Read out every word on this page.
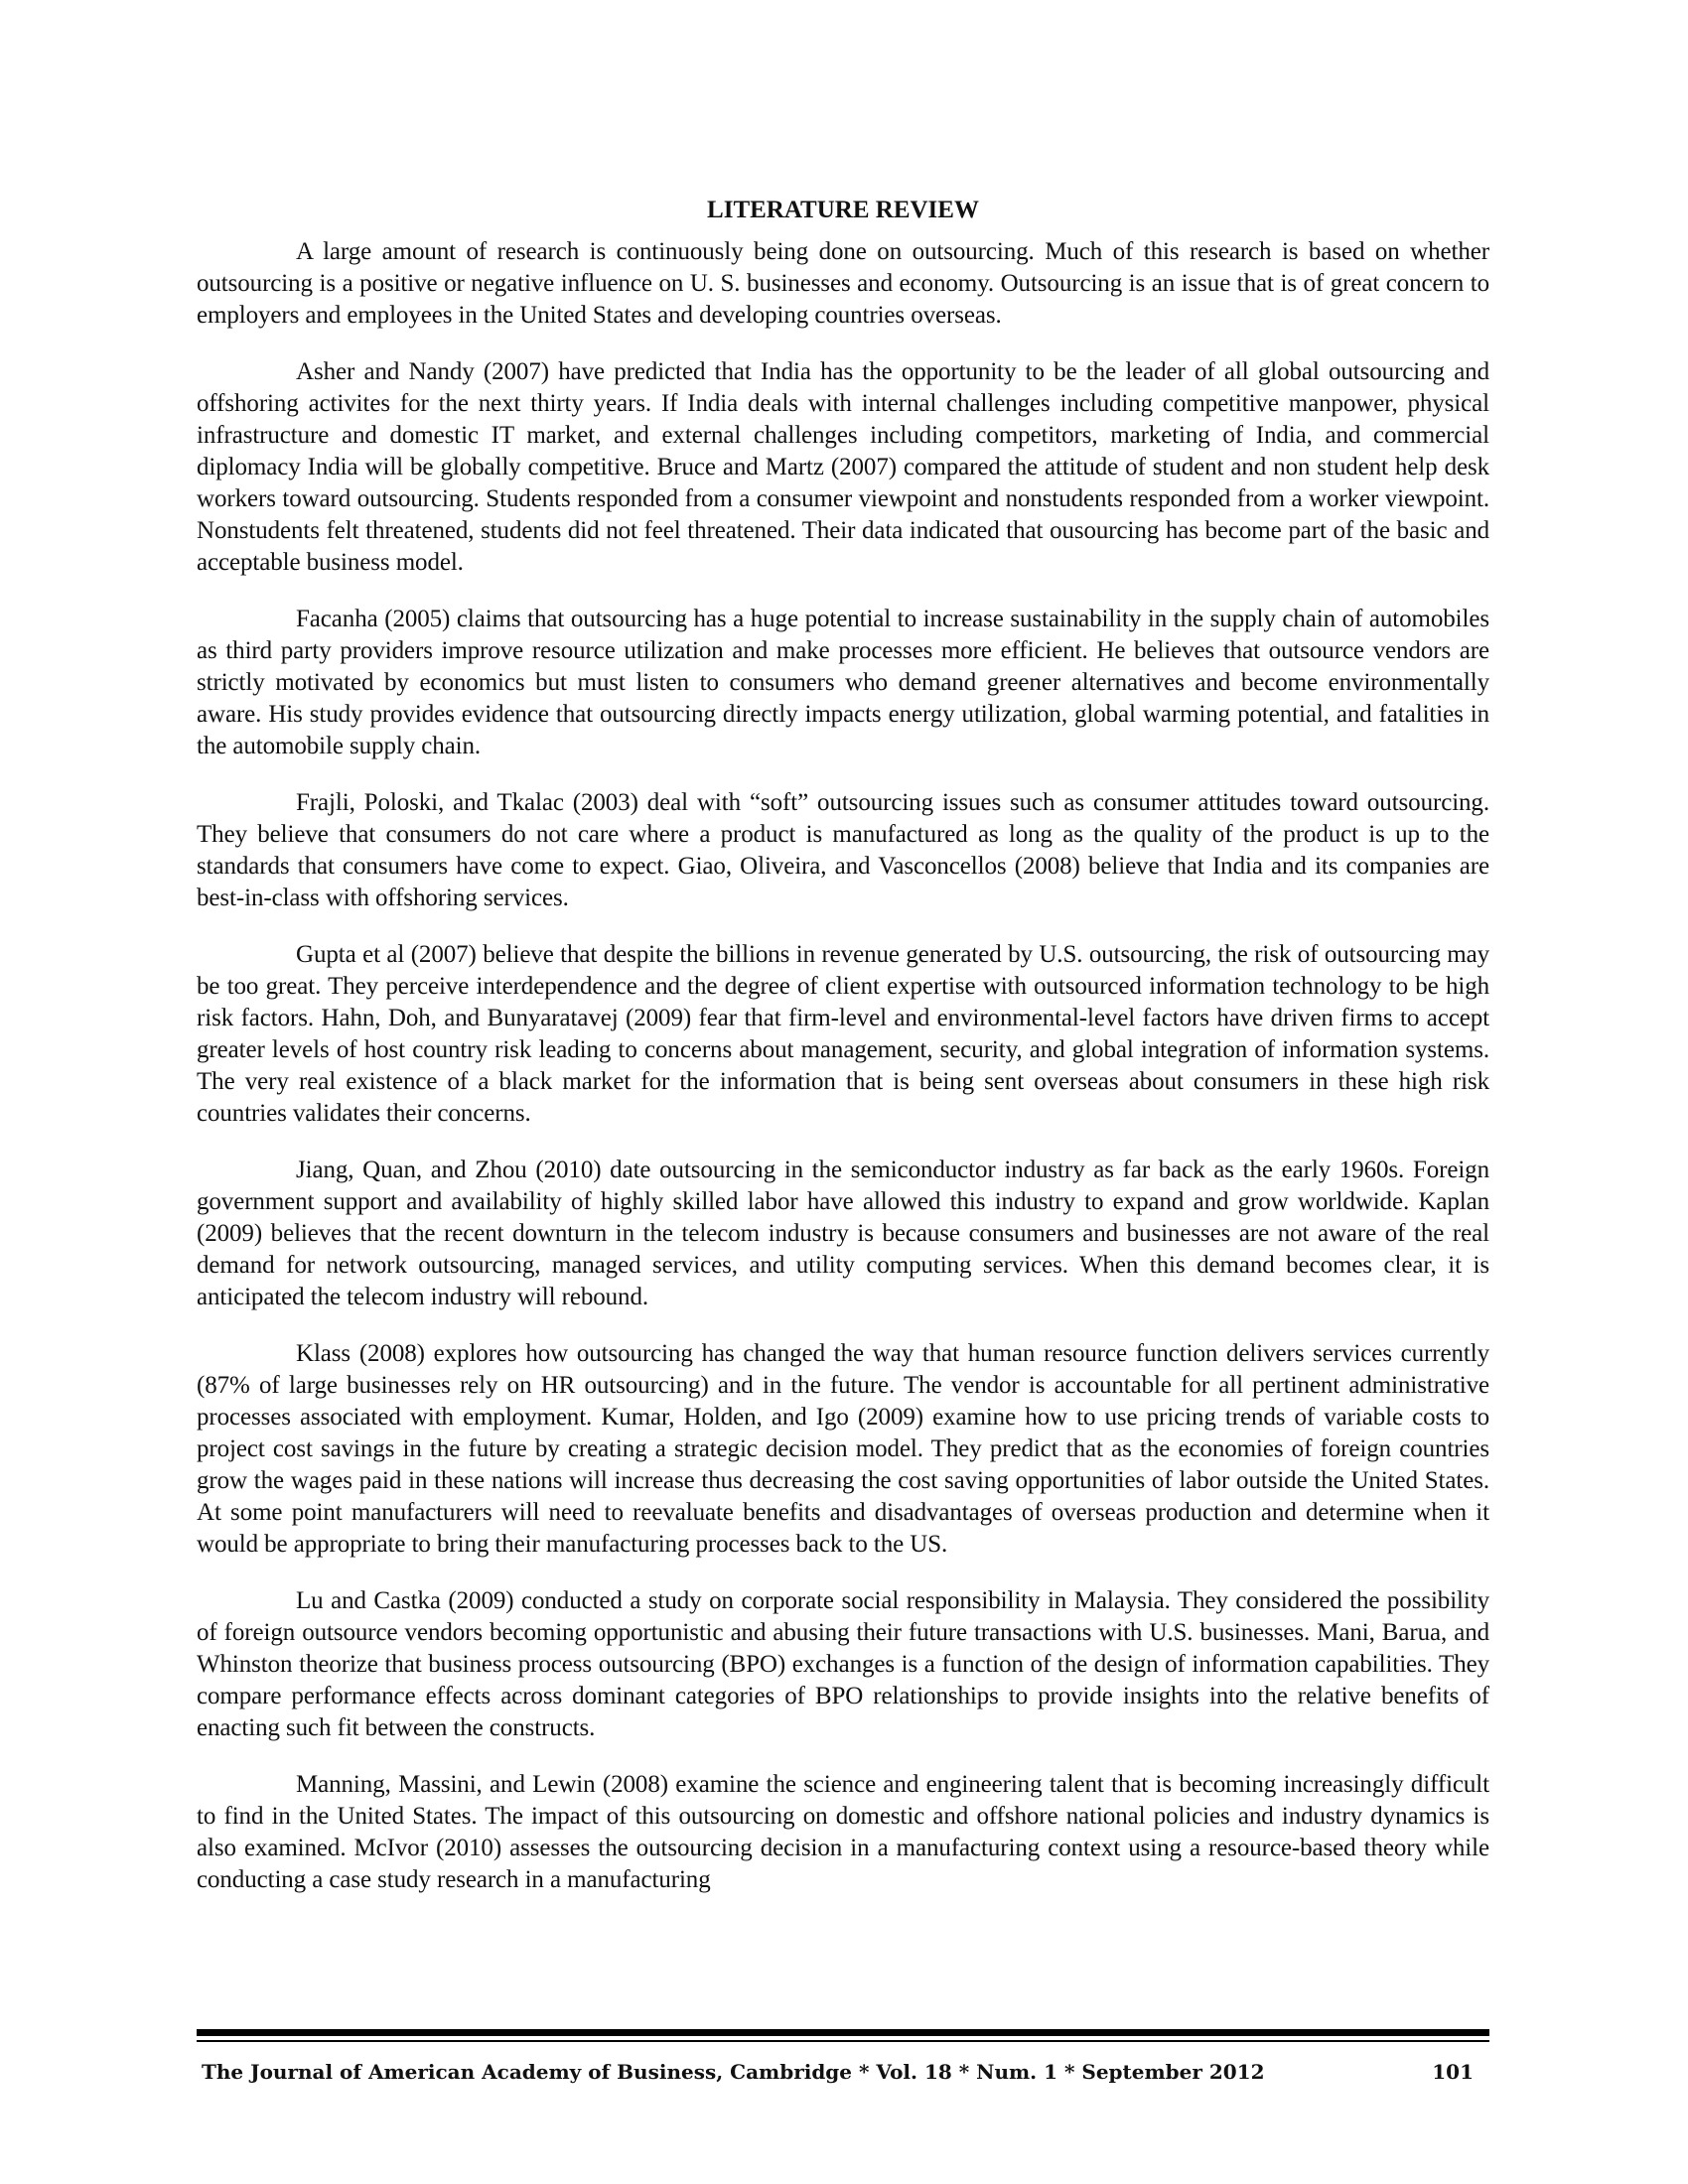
LITERATURE REVIEW

A large amount of research is continuously being done on outsourcing. Much of this research is based on whether outsourcing is a positive or negative influence on U. S. businesses and economy. Outsourcing is an issue that is of great concern to employers and employees in the United States and developing countries overseas.

Asher and Nandy (2007) have predicted that India has the opportunity to be the leader of all global outsourcing and offshoring activites for the next thirty years. If India deals with internal challenges including competitive manpower, physical infrastructure and domestic IT market, and external challenges including competitors, marketing of India, and commercial diplomacy India will be globally competitive. Bruce and Martz (2007) compared the attitude of student and non student help desk workers toward outsourcing. Students responded from a consumer viewpoint and nonstudents responded from a worker viewpoint. Nonstudents felt threatened, students did not feel threatened. Their data indicated that ousourcing has become part of the basic and acceptable business model.

Facanha (2005) claims that outsourcing has a huge potential to increase sustainability in the supply chain of automobiles as third party providers improve resource utilization and make processes more efficient. He believes that outsource vendors are strictly motivated by economics but must listen to consumers who demand greener alternatives and become environmentally aware. His study provides evidence that outsourcing directly impacts energy utilization, global warming potential, and fatalities in the automobile supply chain.

Frajli, Poloski, and Tkalac (2003) deal with “soft” outsourcing issues such as consumer attitudes toward outsourcing. They believe that consumers do not care where a product is manufactured as long as the quality of the product is up to the standards that consumers have come to expect. Giao, Oliveira, and Vasconcellos (2008) believe that India and its companies are best-in-class with offshoring services.

Gupta et al (2007) believe that despite the billions in revenue generated by U.S. outsourcing, the risk of outsourcing may be too great. They perceive interdependence and the degree of client expertise with outsourced information technology to be high risk factors. Hahn, Doh, and Bunyaratavej (2009) fear that firm-level and environmental-level factors have driven firms to accept greater levels of host country risk leading to concerns about management, security, and global integration of information systems. The very real existence of a black market for the information that is being sent overseas about consumers in these high risk countries validates their concerns.

Jiang, Quan, and Zhou (2010) date outsourcing in the semiconductor industry as far back as the early 1960s. Foreign government support and availability of highly skilled labor have allowed this industry to expand and grow worldwide. Kaplan (2009) believes that the recent downturn in the telecom industry is because consumers and businesses are not aware of the real demand for network outsourcing, managed services, and utility computing services. When this demand becomes clear, it is anticipated the telecom industry will rebound.

Klass (2008) explores how outsourcing has changed the way that human resource function delivers services currently (87% of large businesses rely on HR outsourcing) and in the future. The vendor is accountable for all pertinent administrative processes associated with employment. Kumar, Holden, and Igo (2009) examine how to use pricing trends of variable costs to project cost savings in the future by creating a strategic decision model. They predict that as the economies of foreign countries grow the wages paid in these nations will increase thus decreasing the cost saving opportunities of labor outside the United States. At some point manufacturers will need to reevaluate benefits and disadvantages of overseas production and determine when it would be appropriate to bring their manufacturing processes back to the US.

Lu and Castka (2009) conducted a study on corporate social responsibility in Malaysia. They considered the possibility of foreign outsource vendors becoming opportunistic and abusing their future transactions with U.S. businesses. Mani, Barua, and Whinston theorize that business process outsourcing (BPO) exchanges is a function of the design of information capabilities. They compare performance effects across dominant categories of BPO relationships to provide insights into the relative benefits of enacting such fit between the constructs.

Manning, Massini, and Lewin (2008) examine the science and engineering talent that is becoming increasingly difficult to find in the United States. The impact of this outsourcing on domestic and offshore national policies and industry dynamics is also examined. McIvor (2010) assesses the outsourcing decision in a manufacturing context using a resource-based theory while conducting a case study research in a manufacturing

The Journal of American Academy of Business, Cambridge * Vol. 18 * Num. 1 * September 2012	101
